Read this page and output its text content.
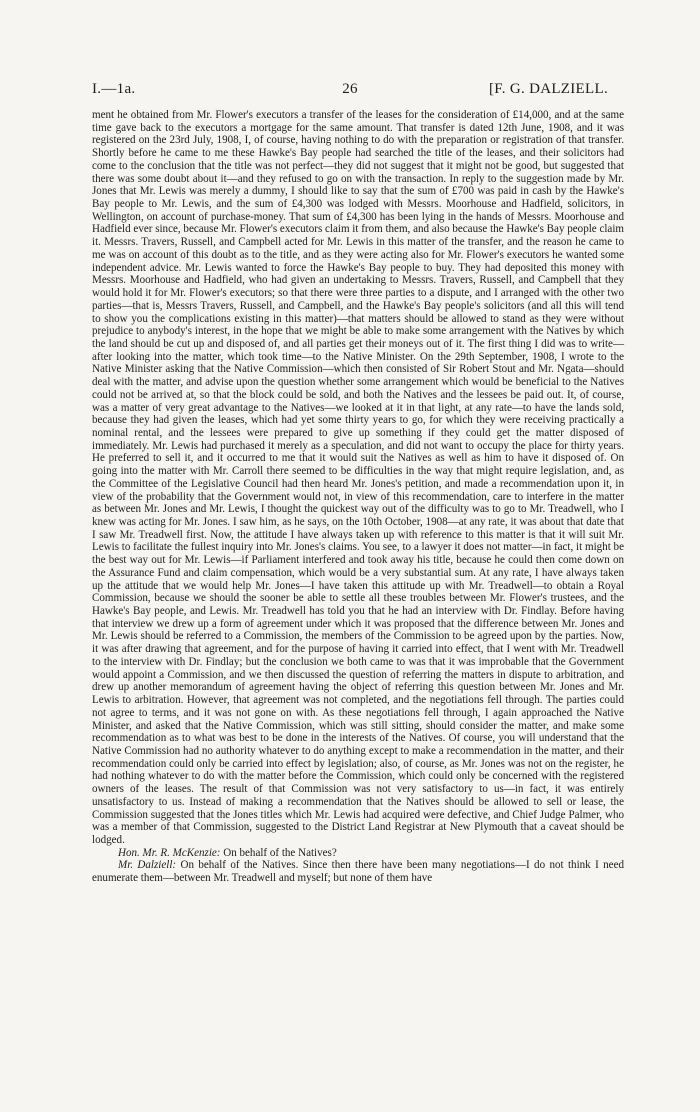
I.—1a.	26	[F. G. DALZIELL.

ment he obtained from Mr. Flower's executors a transfer of the leases for the consideration of £14,000, and at the same time gave back to the executors a mortgage for the same amount. That transfer is dated 12th June, 1908, and it was registered on the 23rd July, 1908, I, of course, having nothing to do with the preparation or registration of that transfer. Shortly before he came to me these Hawke's Bay people had searched the title of the leases, and their solicitors had come to the conclusion that the title was not perfect—they did not suggest that it might not be good, but suggested that there was some doubt about it—and they refused to go on with the transaction. In reply to the suggestion made by Mr. Jones that Mr. Lewis was merely a dummy, I should like to say that the sum of £700 was paid in cash by the Hawke's Bay people to Mr. Lewis, and the sum of £4,300 was lodged with Messrs. Moorhouse and Hadfield, solicitors, in Wellington, on account of purchase-money. That sum of £4,300 has been lying in the hands of Messrs. Moorhouse and Hadfield ever since, because Mr. Flower's executors claim it from them, and also because the Hawke's Bay people claim it. Messrs. Travers, Russell, and Campbell acted for Mr. Lewis in this matter of the transfer, and the reason he came to me was on account of this doubt as to the title, and as they were acting also for Mr. Flower's executors he wanted some independent advice. Mr. Lewis wanted to force the Hawke's Bay people to buy. They had deposited this money with Messrs. Moorhouse and Hadfield, who had given an undertaking to Messrs. Travers, Russell, and Campbell that they would hold it for Mr. Flower's executors; so that there were three parties to a dispute, and I arranged with the other two parties—that is, Messrs Travers, Russell, and Campbell, and the Hawke's Bay people's solicitors (and all this will tend to show you the complications existing in this matter)—that matters should be allowed to stand as they were without prejudice to anybody's interest, in the hope that we might be able to make some arrangement with the Natives by which the land should be cut up and disposed of, and all parties get their moneys out of it. The first thing I did was to write—after looking into the matter, which took time—to the Native Minister. On the 29th September, 1908, I wrote to the Native Minister asking that the Native Commission—which then consisted of Sir Robert Stout and Mr. Ngata—should deal with the matter, and advise upon the question whether some arrangement which would be beneficial to the Natives could not be arrived at, so that the block could be sold, and both the Natives and the lessees be paid out. It, of course, was a matter of very great advantage to the Natives—we looked at it in that light, at any rate—to have the lands sold, because they had given the leases, which had yet some thirty years to go, for which they were receiving practically a nominal rental, and the lessees were prepared to give up something if they could get the matter disposed of immediately. Mr. Lewis had purchased it merely as a speculation, and did not want to occupy the place for thirty years. He preferred to sell it, and it occurred to me that it would suit the Natives as well as him to have it disposed of. On going into the matter with Mr. Carroll there seemed to be difficulties in the way that might require legislation, and, as the Committee of the Legislative Council had then heard Mr. Jones's petition, and made a recommendation upon it, in view of the probability that the Government would not, in view of this recommendation, care to interfere in the matter as between Mr. Jones and Mr. Lewis, I thought the quickest way out of the difficulty was to go to Mr. Treadwell, who I knew was acting for Mr. Jones. I saw him, as he says, on the 10th October, 1908—at any rate, it was about that date that I saw Mr. Treadwell first. Now, the attitude I have always taken up with reference to this matter is that it will suit Mr. Lewis to facilitate the fullest inquiry into Mr. Jones's claims. You see, to a lawyer it does not matter—in fact, it might be the best way out for Mr. Lewis—if Parliament interfered and took away his title, because he could then come down on the Assurance Fund and claim compensation, which would be a very substantial sum. At any rate, I have always taken up the attitude that we would help Mr. Jones—I have taken this attitude up with Mr. Treadwell—to obtain a Royal Commission, because we should the sooner be able to settle all these troubles between Mr. Flower's trustees, and the Hawke's Bay people, and Lewis. Mr. Treadwell has told you that he had an interview with Dr. Findlay. Before having that interview we drew up a form of agreement under which it was proposed that the difference between Mr. Jones and Mr. Lewis should be referred to a Commission, the members of the Commission to be agreed upon by the parties. Now, it was after drawing that agreement, and for the purpose of having it carried into effect, that I went with Mr. Treadwell to the interview with Dr. Findlay; but the conclusion we both came to was that it was improbable that the Government would appoint a Commission, and we then discussed the question of referring the matters in dispute to arbitration, and drew up another memorandum of agreement having the object of referring this question between Mr. Jones and Mr. Lewis to arbitration. However, that agreement was not completed, and the negotiations fell through. The parties could not agree to terms, and it was not gone on with. As these negotiations fell through, I again approached the Native Minister, and asked that the Native Commission, which was still sitting, should consider the matter, and make some recommendation as to what was best to be done in the interests of the Natives. Of course, you will understand that the Native Commission had no authority whatever to do anything except to make a recommendation in the matter, and their recommendation could only be carried into effect by legislation; also, of course, as Mr. Jones was not on the register, he had nothing whatever to do with the matter before the Commission, which could only be concerned with the registered owners of the leases. The result of that Commission was not very satisfactory to us—in fact, it was entirely unsatisfactory to us. Instead of making a recommendation that the Natives should be allowed to sell or lease, the Commission suggested that the Jones titles which Mr. Lewis had acquired were defective, and Chief Judge Palmer, who was a member of that Commission, suggested to the District Land Registrar at New Plymouth that a caveat should be lodged.

Hon. Mr. R. McKenzie: On behalf of the Natives?

Mr. Dalziell: On behalf of the Natives. Since then there have been many negotiations—I do not think I need enumerate them—between Mr. Treadwell and myself; but none of them have
